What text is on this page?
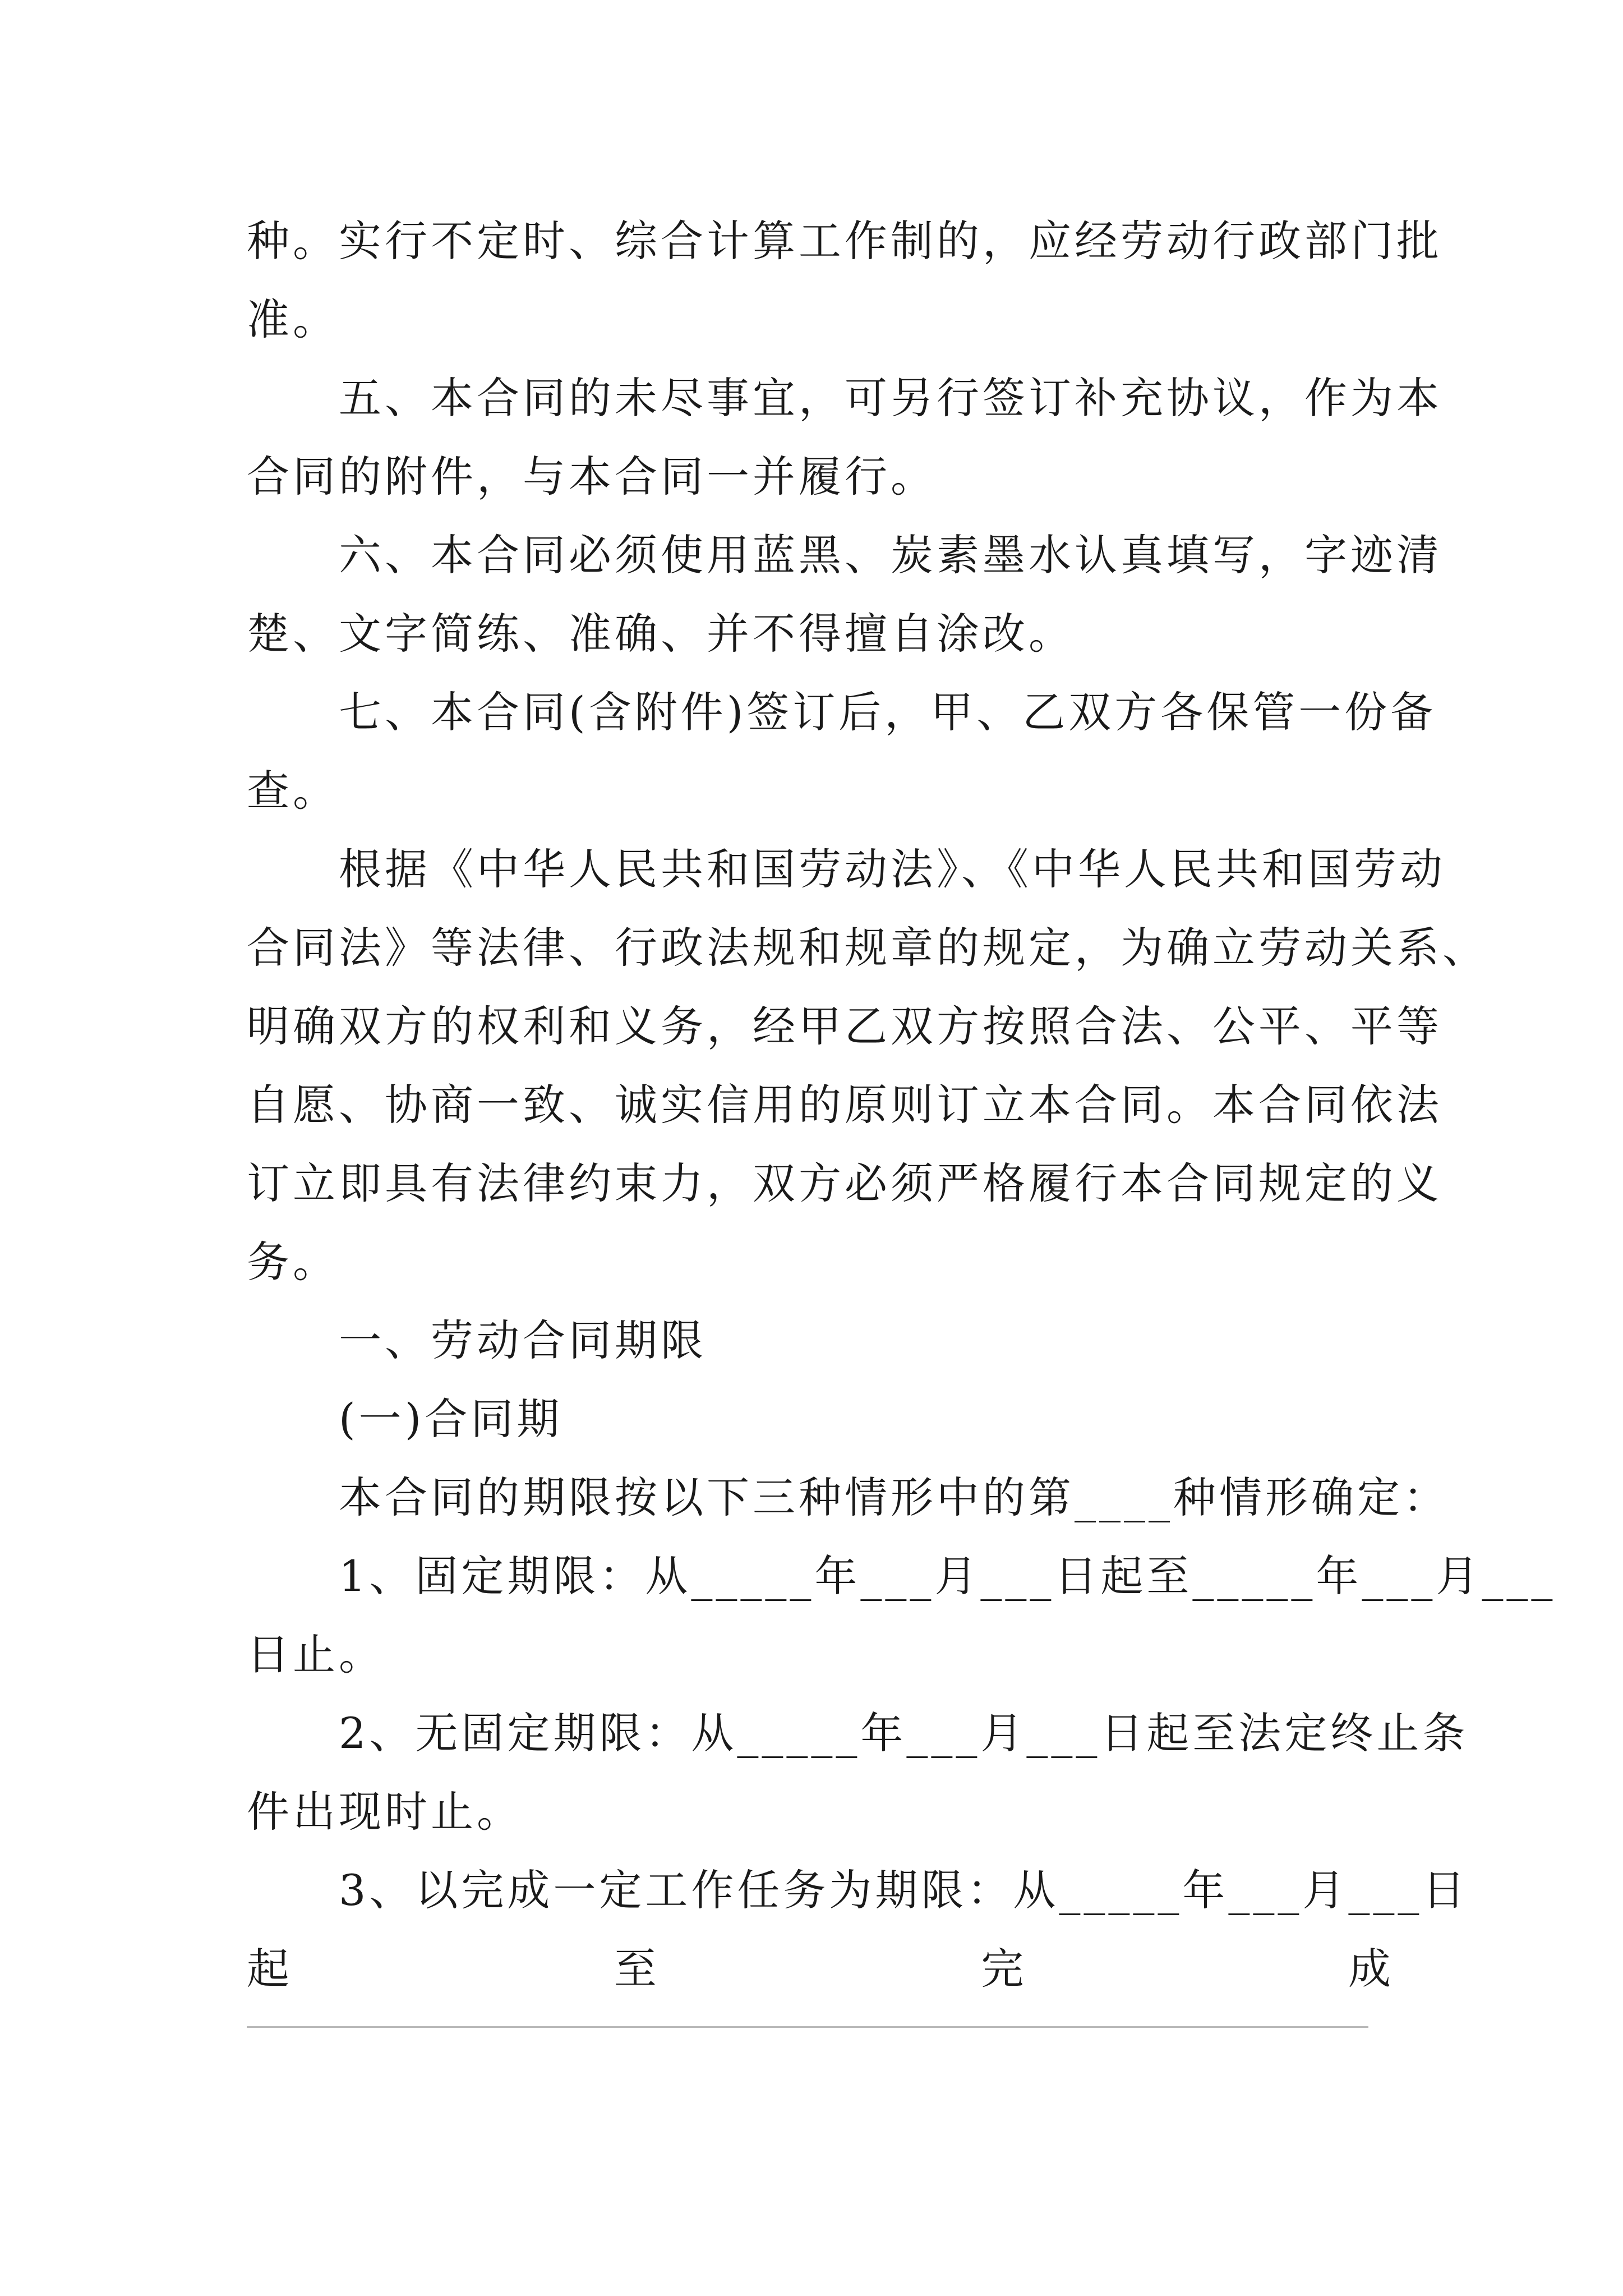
种。实行不定时、综合计算工作制的，应经劳动行政部门批
准。
五、本合同的未尽事宜，可另行签订补充协议，作为本
合同的附件，与本合同一并履行。
六、本合同必须使用蓝黑、炭素墨水认真填写，字迹清
楚、文字简练、准确、并不得擅自涂改。
七、本合同(含附件)签订后，甲、乙双方各保管一份备
查。
根据《中华人民共和国劳动法》、《中华人民共和国劳动
合同法》等法律、行政法规和规章的规定，为确立劳动关系、
明确双方的权利和义务，经甲乙双方按照合法、公平、平等
自愿、协商一致、诚实信用的原则订立本合同。本合同依法
订立即具有法律约束力，双方必须严格履行本合同规定的义
务。
一、劳动合同期限
(一)合同期
本合同的期限按以下三种情形中的第____种情形确定：
1、固定期限：从_____年___月___日起至_____年___月___
日止。
2、无固定期限：从_____年___月___日起至法定终止条
件出现时止。
3、以完成一定工作任务为期限：从_____年___月___日
起	至	完	成
